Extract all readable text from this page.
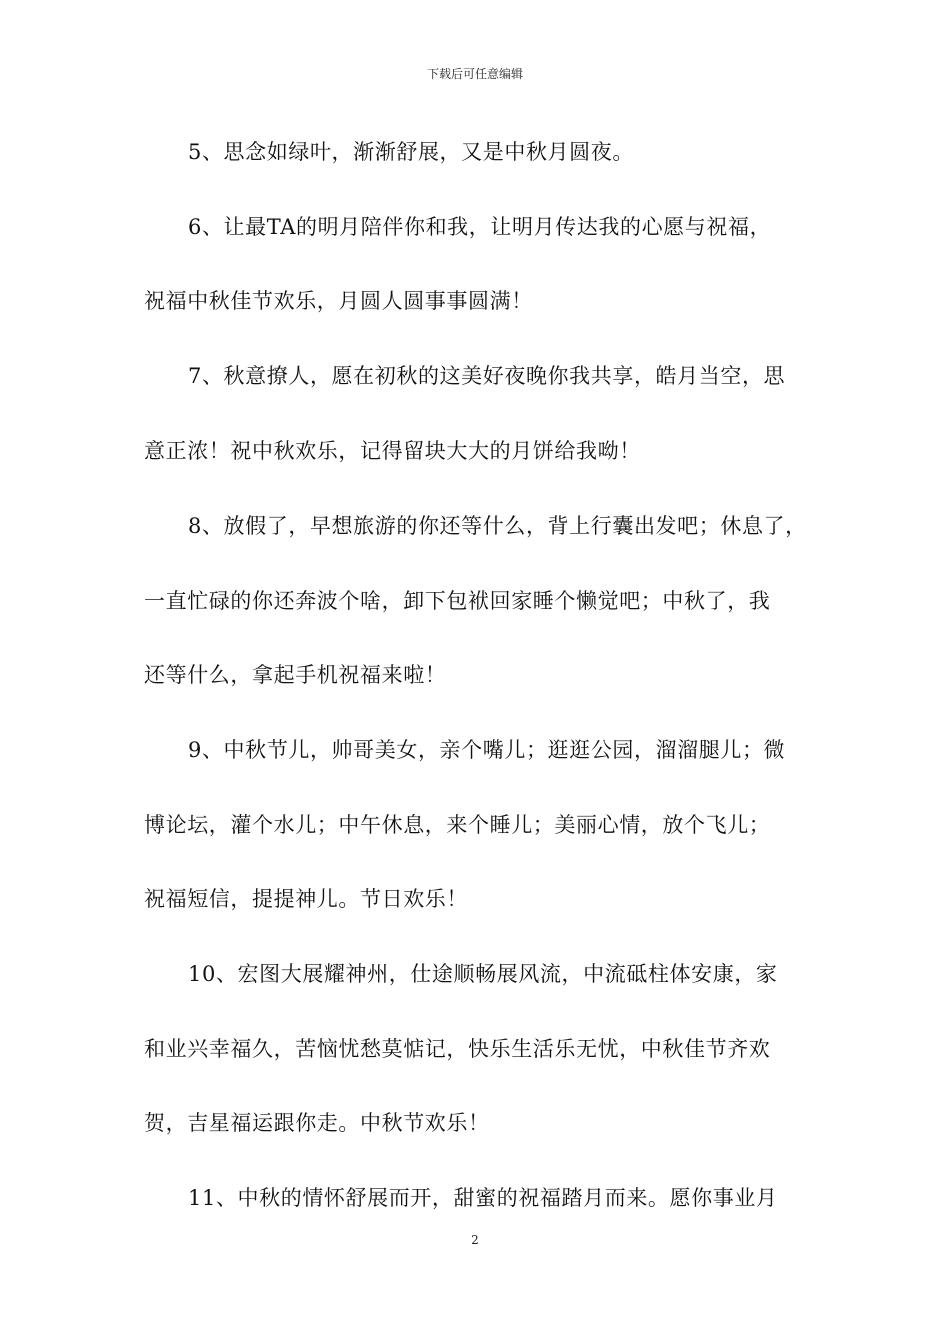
下载后可任意编辑
5、思念如绿叶，渐渐舒展，又是中秋月圆夜。
6、让最TA的明月陪伴你和我，让明月传达我的心愿与祝福，
祝福中秋佳节欢乐，月圆人圆事事圆满！
7、秋意撩人，愿在初秋的这美好夜晚你我共享，皓月当空，思
意正浓！祝中秋欢乐，记得留块大大的月饼给我呦！
8、放假了，早想旅游的你还等什么，背上行囊出发吧；休息了，
一直忙碌的你还奔波个啥，卸下包袱回家睡个懒觉吧；中秋了，我
还等什么，拿起手机祝福来啦！
9、中秋节儿，帅哥美女，亲个嘴儿；逛逛公园，溜溜腿儿；微
博论坛，灌个水儿；中午休息，来个睡儿；美丽心情，放个飞儿；
祝福短信，提提神儿。节日欢乐！
10、宏图大展耀神州，仕途顺畅展风流，中流砥柱体安康，家
和业兴幸福久，苦恼忧愁莫惦记，快乐生活乐无忧，中秋佳节齐欢
贺，吉星福运跟你走。中秋节欢乐！
11、中秋的情怀舒展而开，甜蜜的祝福踏月而来。愿你事业月
2
